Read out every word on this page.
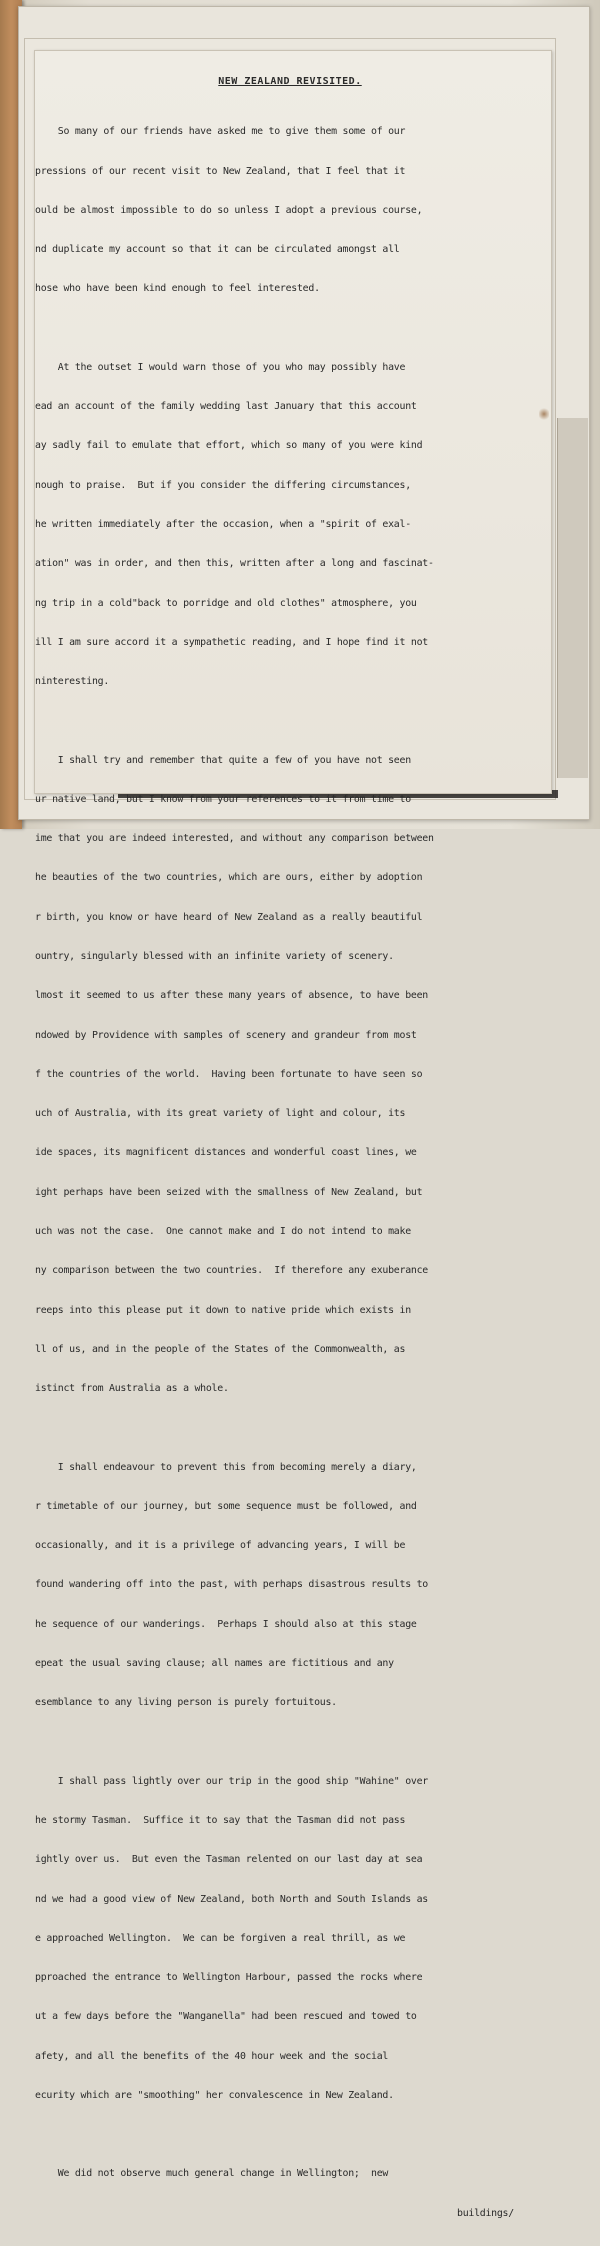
NEW ZEALAND REVISITED.

So many of our friends have asked me to give them some of our

pressions of our recent visit to New Zealand, that I feel that it

ould be almost impossible to do so unless I adopt a previous course,

nd duplicate my account so that it can be circulated amongst all

hose who have been kind enough to feel interested.

At the outset I would warn those of you who may possibly have

ead an account of the family wedding last January that this account

ay sadly fail to emulate that effort, which so many of you were kind

nough to praise.  But if you consider the differing circumstances,

he written immediately after the occasion, when a "spirit of exal-

ation" was in order, and then this, written after a long and fascinat-

ng trip in a cold"back to porridge and old clothes" atmosphere, you

ill I am sure accord it a sympathetic reading, and I hope find it not

ninteresting.

I shall try and remember that quite a few of you have not seen

ur native land, but I know from your references to it from time to

ime that you are indeed interested, and without any comparison between

he beauties of the two countries, which are ours, either by adoption

r birth, you know or have heard of New Zealand as a really beautiful

ountry, singularly blessed with an infinite variety of scenery.

lmost it seemed to us after these many years of absence, to have been

ndowed by Providence with samples of scenery and grandeur from most

f the countries of the world.  Having been fortunate to have seen so

uch of Australia, with its great variety of light and colour, its

ide spaces, its magnificent distances and wonderful coast lines, we

ight perhaps have been seized with the smallness of New Zealand, but

uch was not the case.  One cannot make and I do not intend to make

ny comparison between the two countries.  If therefore any exuberance

reeps into this please put it down to native pride which exists in

ll of us, and in the people of the States of the Commonwealth, as

istinct from Australia as a whole.

I shall endeavour to prevent this from becoming merely a diary,

r timetable of our journey, but some sequence must be followed, and

occasionally, and it is a privilege of advancing years, I will be

found wandering off into the past, with perhaps disastrous results to

he sequence of our wanderings.  Perhaps I should also at this stage

epeat the usual saving clause; all names are fictitious and any

esemblance to any living person is purely fortuitous.

I shall pass lightly over our trip in the good ship "Wahine" over

he stormy Tasman.  Suffice it to say that the Tasman did not pass

ightly over us.  But even the Tasman relented on our last day at sea

nd we had a good view of New Zealand, both North and South Islands as

e approached Wellington.  We can be forgiven a real thrill, as we

pproached the entrance to Wellington Harbour, passed the rocks where

ut a few days before the "Wanganella" had been rescued and towed to

afety, and all the benefits of the 40 hour week and the social

ecurity which are "smoothing" her convalescence in New Zealand.

We did not observe much general change in Wellington;  new

buildings/
